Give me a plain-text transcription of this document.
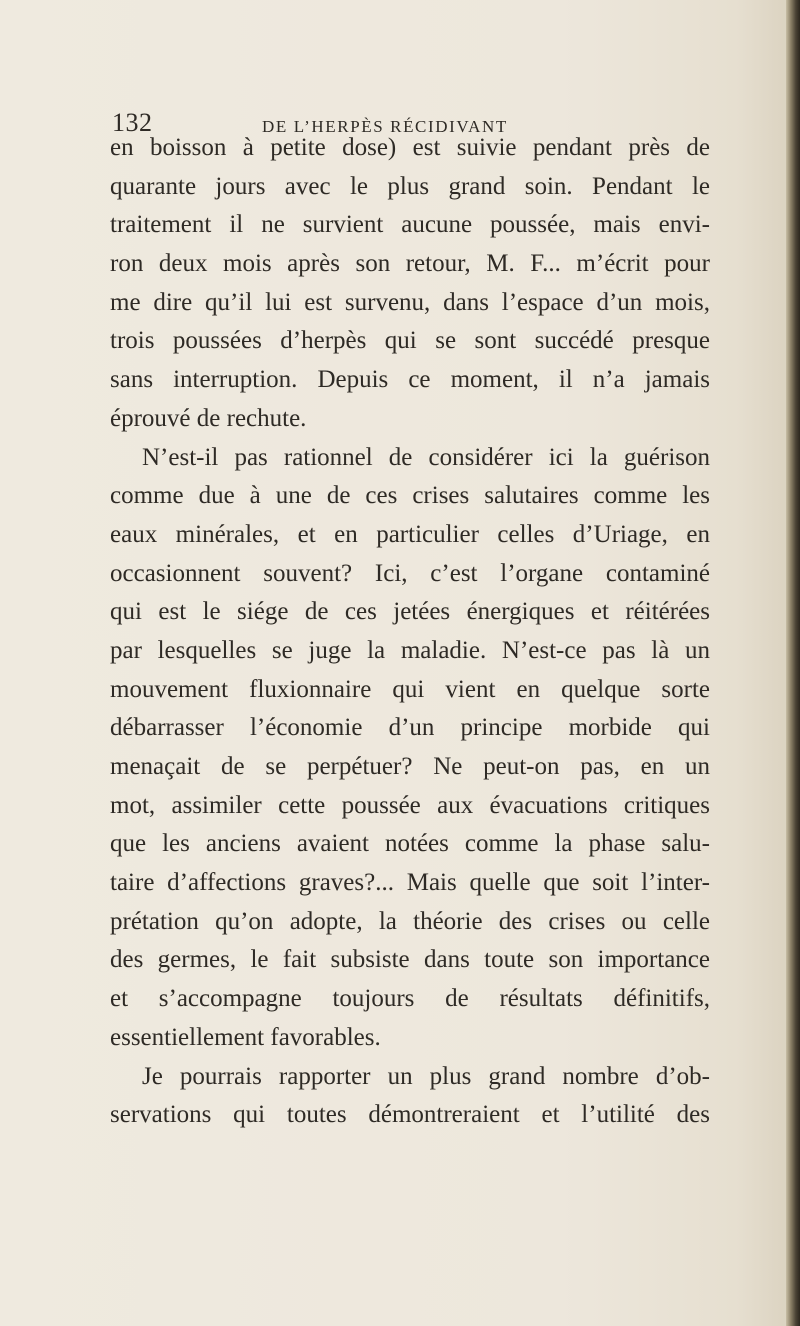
132	DE L’HERPÈS RÉCIDIVANT
en boisson à petite dose) est suivie pendant près de
quarante jours avec le plus grand soin. Pendant le
traitement il ne survient aucune poussée, mais envi-
ron deux mois après son retour, M. F... m’écrit pour
me dire qu’il lui est survenu, dans l’espace d’un mois,
trois poussées d’herpès qui se sont succédé presque
sans interruption. Depuis ce moment, il n’a jamais
éprouvé de rechute.
N’est-il pas rationnel de considérer ici la guérison
comme due à une de ces crises salutaires comme les
eaux minérales, et en particulier celles d’Uriage, en
occasionnent souvent? Ici, c’est l’organe contaminé
qui est le siége de ces jetées énergiques et réitérées
par lesquelles se juge la maladie. N’est-ce pas là un
mouvement fluxionnaire qui vient en quelque sorte
débarrasser l’économie d’un principe morbide qui
menaçait de se perpétuer? Ne peut-on pas, en un
mot, assimiler cette poussée aux évacuations critiques
que les anciens avaient notées comme la phase salu-
taire d’affections graves?... Mais quelle que soit l’inter-
prétation qu’on adopte, la théorie des crises ou celle
des germes, le fait subsiste dans toute son importance
et s’accompagne toujours de résultats définitifs,
essentiellement favorables.
Je pourrais rapporter un plus grand nombre d’ob-
servations qui toutes démontreraient et l’utilité des
